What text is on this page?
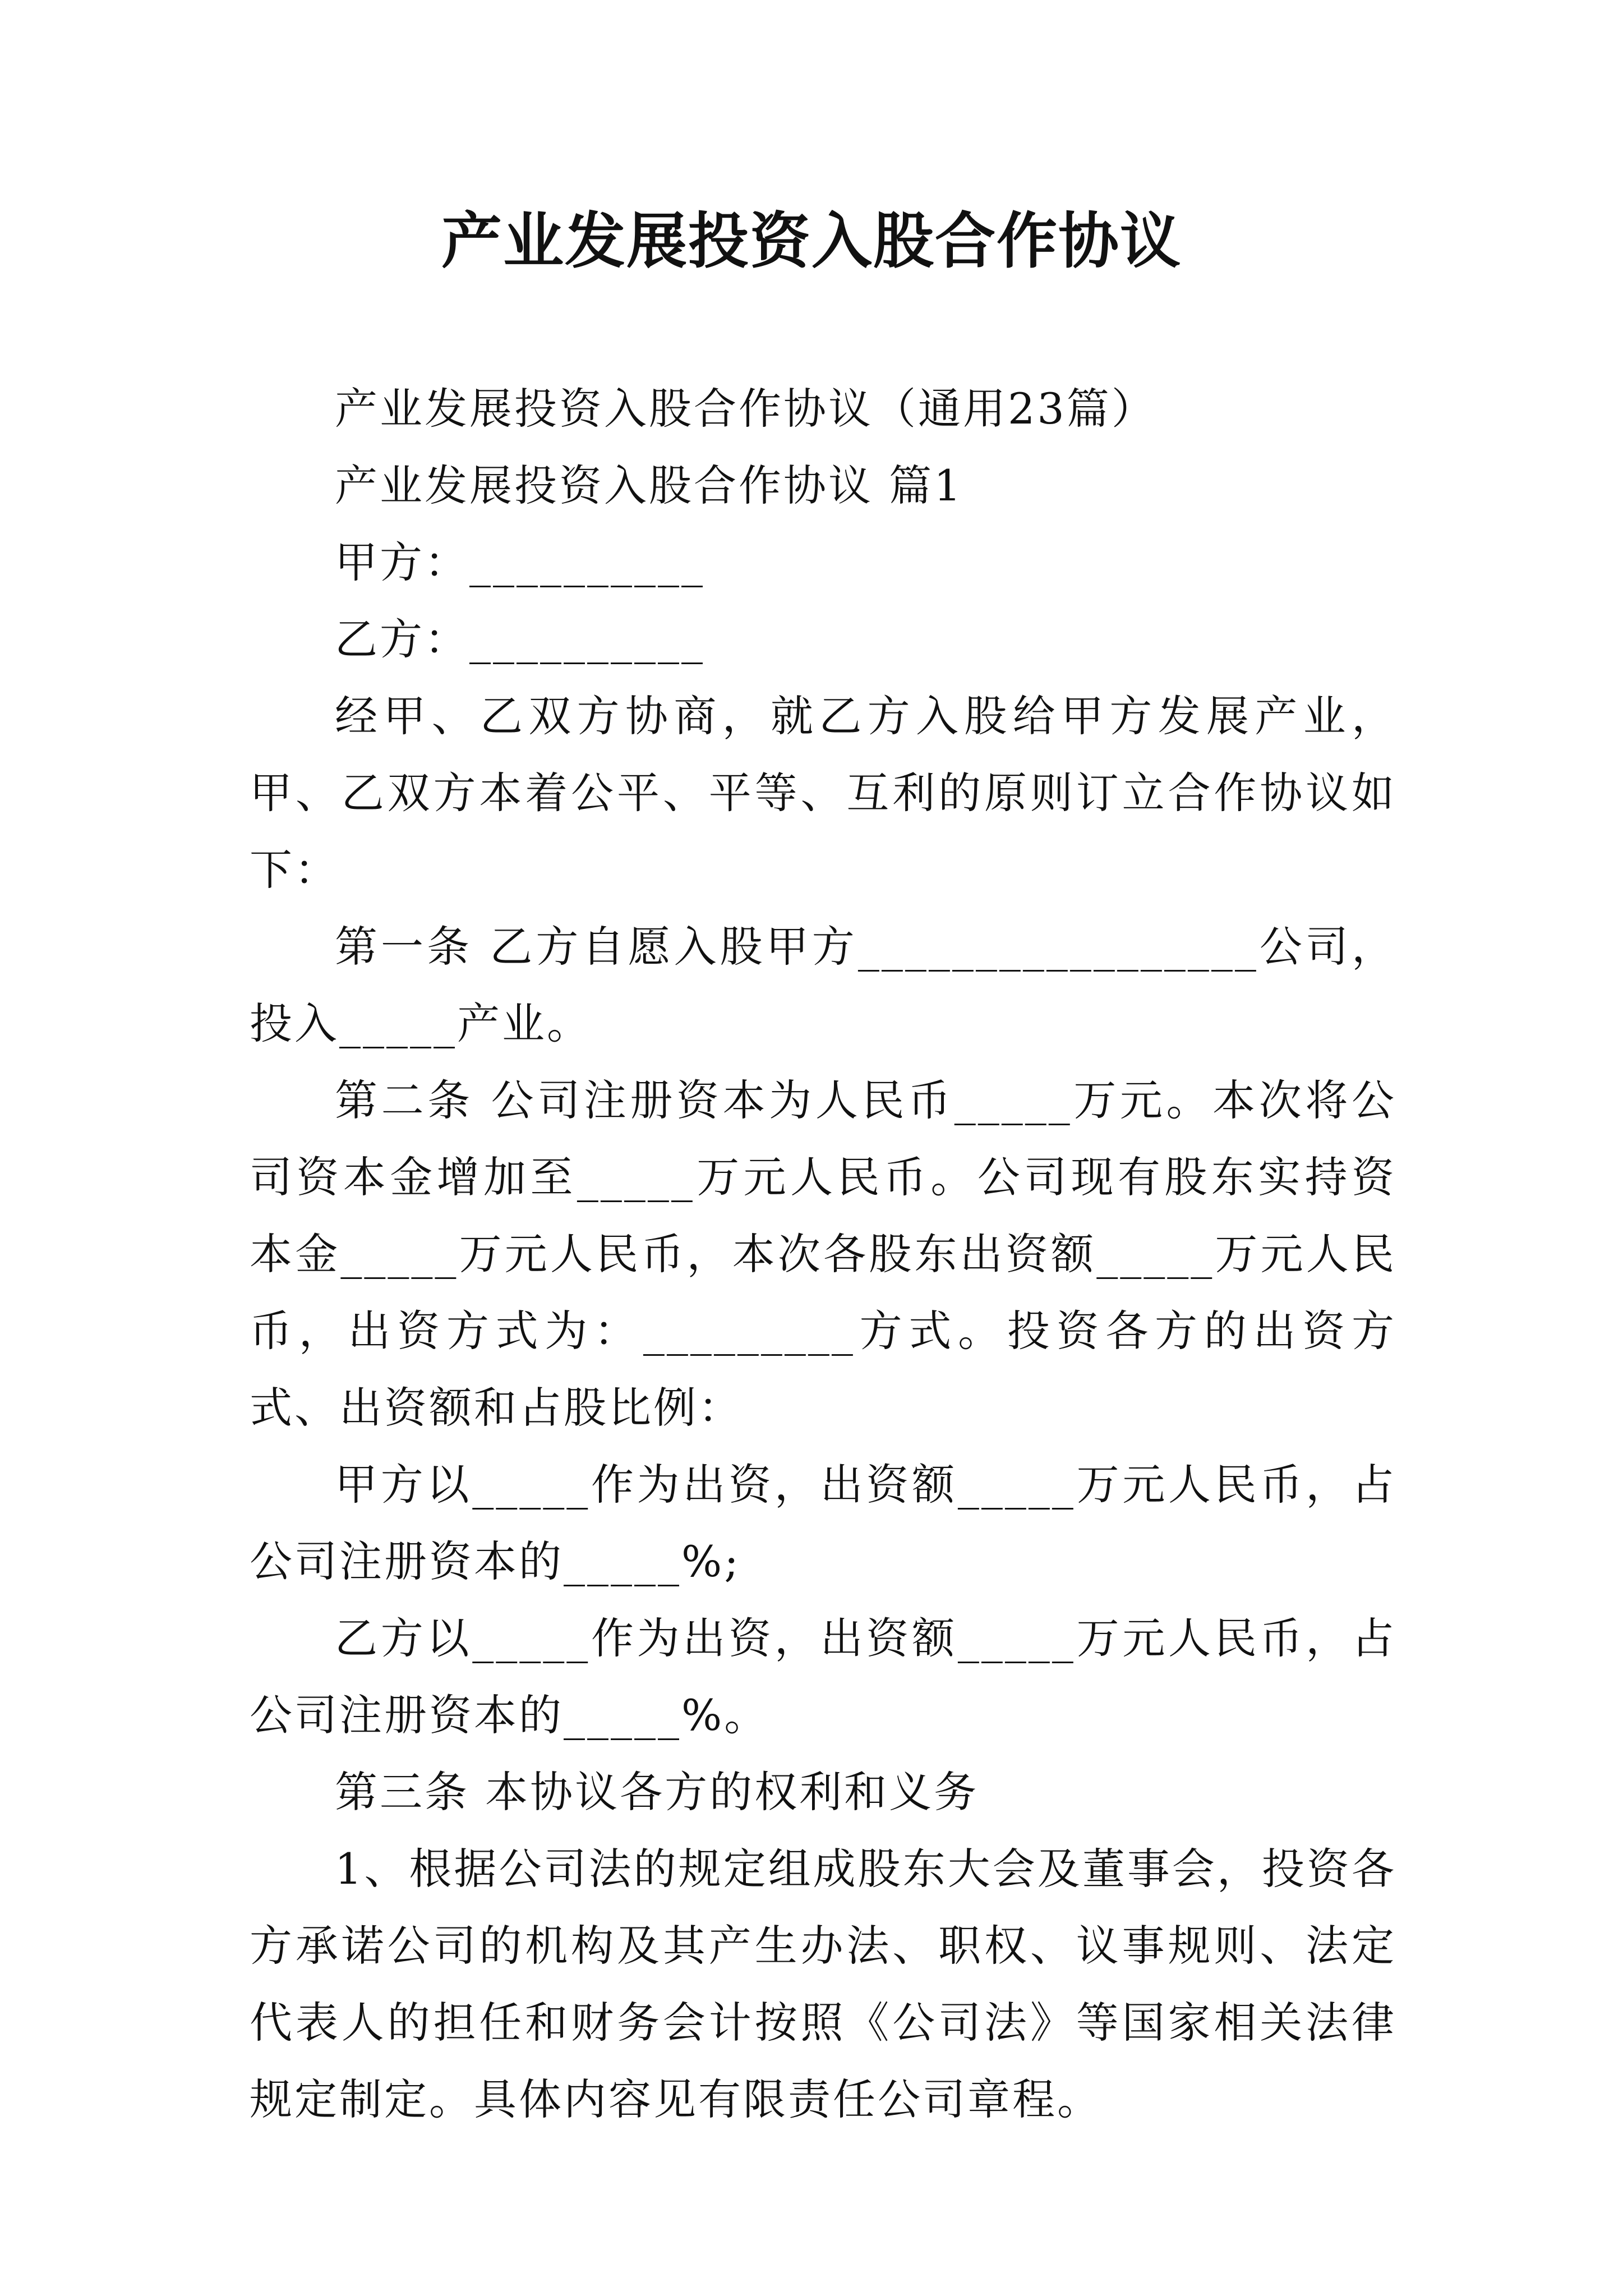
产业发展投资入股合作协议

产业发展投资入股合作协议（通用23篇）

产业发展投资入股合作协议 篇1

甲方：__________

乙方：__________

经甲、乙双方协商，就乙方入股给甲方发展产业，甲、乙双方本着公平、平等、互利的原则订立合作协议如下：

第一条 乙方自愿入股甲方_________________公司，投入_____产业。

第二条 公司注册资本为人民币_____万元。本次将公司资本金增加至_____万元人民币。公司现有股东实持资本金_____万元人民币，本次各股东出资额_____万元人民币，出资方式为：_________方式。投资各方的出资方式、出资额和占股比例：

甲方以_____作为出资，出资额_____万元人民币，占公司注册资本的_____%;

乙方以_____作为出资，出资额_____万元人民币，占公司注册资本的_____%。

第三条 本协议各方的权利和义务

1、根据公司法的规定组成股东大会及董事会，投资各方承诺公司的机构及其产生办法、职权、议事规则、法定代表人的担任和财务会计按照《公司法》等国家相关法律规定制定。具体内容见有限责任公司章程。
